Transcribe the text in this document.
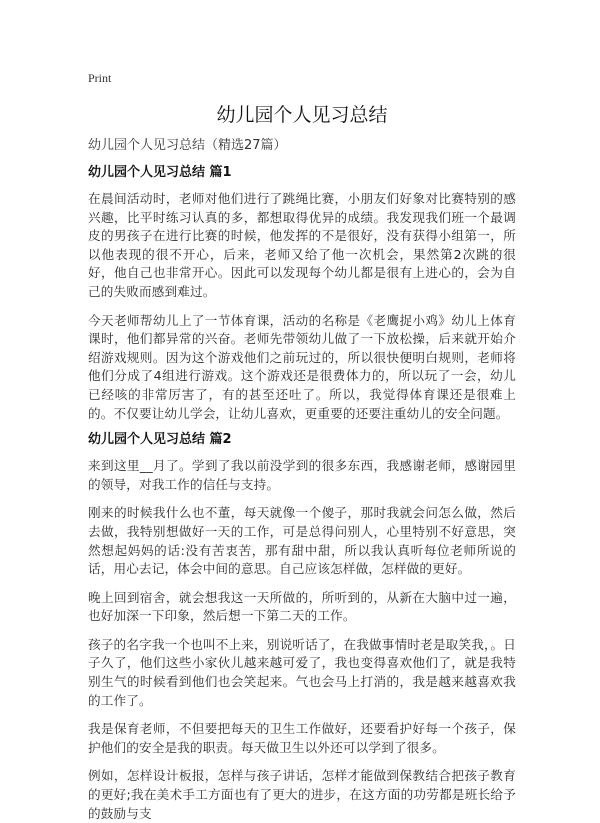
Print
幼儿园个人见习总结
幼儿园个人见习总结（精选27篇）
幼儿园个人见习总结 篇1

在晨间活动时，老师对他们进行了跳绳比赛，小朋友们好象对比赛特别的感兴趣，比平时练习认真的多，都想取得优异的成绩。我发现我们班一个最调皮的男孩子在进行比赛的时候，他发挥的不是很好，没有获得小组第一，所以他表现的很不开心，后来，老师又给了他一次机会，果然第2次跳的很好，他自己也非常开心。因此可以发现每个幼儿都是很有上进心的，会为自己的失败而感到难过。

今天老师帮幼儿上了一节体育课，活动的名称是《老鹰捉小鸡》幼儿上体育课时，他们都异常的兴奋。老师先带领幼儿做了一下放松操，后来就开始介绍游戏规则。因为这个游戏他们之前玩过的，所以很快便明白规则，老师将他们分成了4组进行游戏。这个游戏还是很费体力的，所以玩了一会，幼儿已经咳的非常厉害了，有的甚至还吐了。所以，我觉得体育课还是很难上的。不仅要让幼儿学会，让幼儿喜欢，更重要的还要注重幼儿的安全问题。

幼儿园个人见习总结 篇2

来到这里__月了。学到了我以前没学到的很多东西，我感谢老师，感谢园里的领导，对我工作的信任与支持。

刚来的时候我什么也不董，每天就像一个傻子，那时我就会问怎么做，然后去做，我特别想做好一天的工作，可是总得问别人，心里特别不好意思，突然想起妈妈的话:没有苦衷苦，那有甜中甜，所以我认真听每位老师所说的话，用心去记，体会中间的意思。自己应该怎样做，怎样做的更好。

晚上回到宿舍，就会想我这一天所做的，所听到的，从新在大脑中过一遍，也好加深一下印象，然后想一下第二天的工作。

孩子的名字我一个也叫不上来，别说听话了，在我做事情时老是取笑我，。日子久了，他们这些小家伙儿越来越可爱了，我也变得喜欢他们了，就是我特别生气的时候看到他们也会笑起来。气也会马上打消的，我是越来越喜欢我的工作了。

我是保育老师，不但要把每天的卫生工作做好，还要看护好每一个孩子，保护他们的安全是我的职责。每天做卫生以外还可以学到了很多。

例如，怎样设计板报，怎样与孩子讲话，怎样才能做到保教结合把孩子教育的更好;我在美术手工方面也有了更大的进步，在这方面的功劳都是班长给予的鼓励与支
